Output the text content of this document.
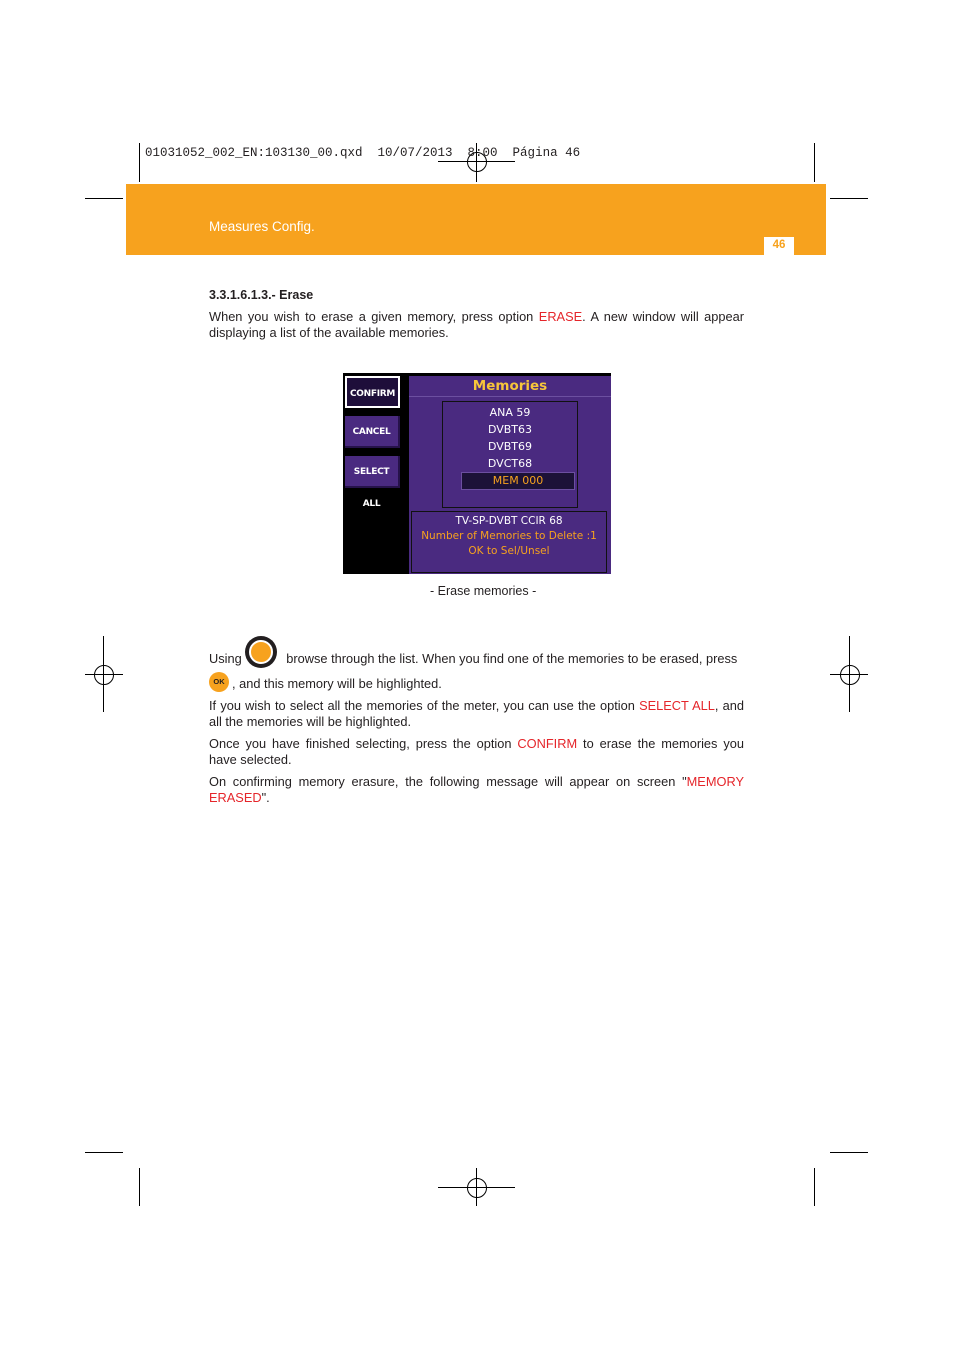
01031052_002_EN:103130_00.qxd  10/07/2013  8:00  Página 46
Measures Config.
46
3.3.1.6.1.3.- Erase
When you wish to erase a given memory, press option ERASE. A new window will appear displaying a list of the available memories.
CONFIRM
CANCEL
SELECT ALL
Memories
ANA 59
DVBT63
DVBT69
DVCT68
MEM 000
TV-SP-DVBT CCIR 68
Number of Memories to Delete :1
OK to Sel/Unsel
- Erase memories -
Using	browse through the list. When you find one of the memories to be erased, press
OK , and this memory will be highlighted.
If you wish to select all the memories of the meter, you can use the option SELECT ALL, and all the memories will be highlighted.
Once you have finished selecting, press the option CONFIRM to erase the memories you have selected.
On confirming memory erasure, the following message will appear on screen "MEMORY ERASED".
